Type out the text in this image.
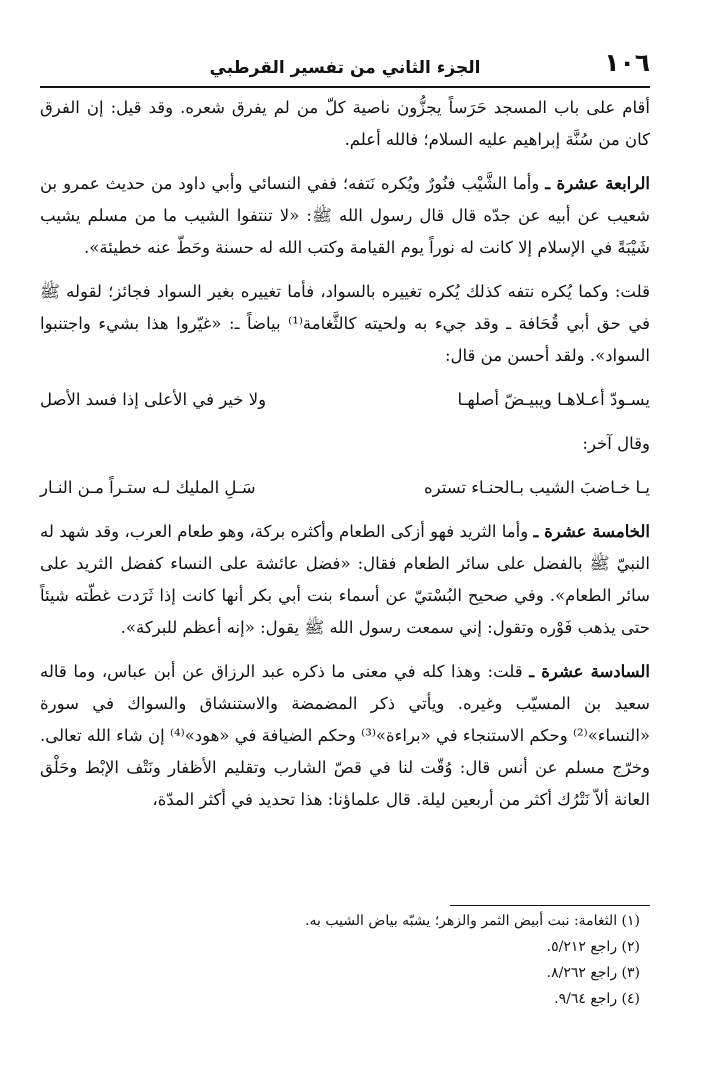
١٠٦
الجزء الثاني من تفسير القرطبي

أقام على باب المسجد حَرَساً يجزُّون ناصية كلّ من لم يفرق شعره. وقد قيل: إن الفرق كان من سُنَّة إبراهيم عليه السلام؛ فالله أعلم.

الرابعة عشرة ـ وأما الشَّيْب فنُورٌ ويُكره نَتفه؛ ففي النسائي وأبي داود من حديث عمرو بن شعيب عن أبيه عن جدّه قال قال رسول الله ﷺ: «لا تنتفوا الشيب ما من مسلم يشيب شَيْبَةً في الإسلام إلا كانت له نوراً يوم القيامة وكتب الله له حسنة وحَطّ عنه خطيئة».

قلت: وكما يُكره نتفه كذلك يُكره تغييره بالسواد، فأما تغييره بغير السواد فجائز؛ لقوله ﷺ في حق أبي قُحَافة ـ وقد جيء به ولحيته كالثَّغامة⁽¹⁾ بياضاً ـ: «غيّروا هذا بشيء واجتنبوا السواد». ولقد أحسن من قال:

يسـودّ أعـلاهـا ويبيـضّ أصلهـا
ولا خير في الأعلى إذا فسد الأصل

وقال آخر:

يـا خـاضبَ الشيب بـالحنـاء تستره
سَـلِ المليك لـه ستـراً مـن النـار

الخامسة عشرة ـ وأما الثريد فهو أزكى الطعام وأكثره بركة، وهو طعام العرب، وقد شهد له النبيّ ﷺ بالفضل على سائر الطعام فقال: «فضل عائشة على النساء كفضل الثريد على سائر الطعام». وفي صحيح البُسْتيّ عن أسماء بنت أبي بكر أنها كانت إذا ثَرَدت غطّته شيئاً حتى يذهب فَوْره وتقول: إني سمعت رسول الله ﷺ يقول: «إنه أعظم للبركة».

السادسة عشرة ـ قلت: وهذا كله في معنى ما ذكره عبد الرزاق عن أبن عباس، وما قاله سعيد بن المسيّب وغيره. ويأتي ذكر المضمضة والاستنشاق والسواك في سورة «النساء»⁽²⁾ وحكم الاستنجاء في «براءة»⁽³⁾ وحكم الضيافة في «هود»⁽⁴⁾ إن شاء الله تعالى. وخرّج مسلم عن أنس قال: وُقّت لنا في قصّ الشارب وتقليم الأظفار ونَتْف الإبْط وحَلْق العانة ألاّ نَتْرُك أكثر من أربعين ليلة. قال علماؤنا: هذا تحديد في أكثر المدّة،

(١) الثغامة: نبت أبيض الثمر والزهر؛ يشبّه بياض الشيب به.
(٢) راجع ٥/٢١٢.
(٣) راجع ٨/٢٦٢.
(٤) راجع ٩/٦٤.
